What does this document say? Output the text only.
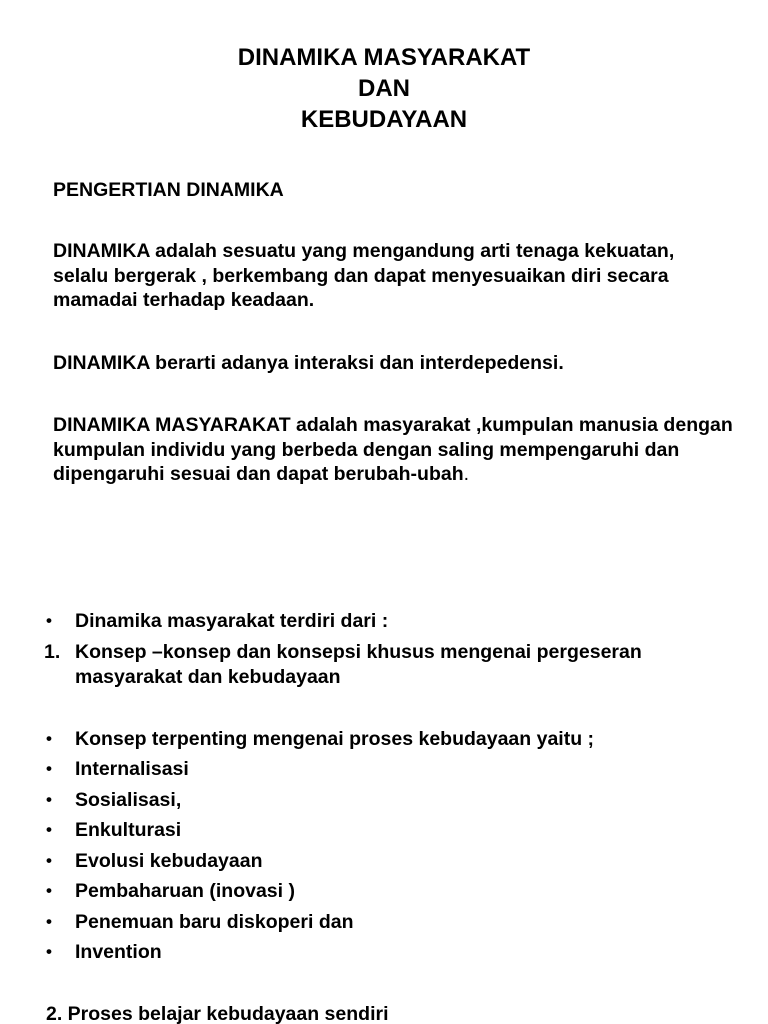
DINAMIKA MASYARAKAT
DAN
KEBUDAYAAN

PENGERTIAN DINAMIKA

DINAMIKA adalah sesuatu yang mengandung arti tenaga kekuatan, selalu bergerak , berkembang dan dapat menyesuaikan diri secara mamadai terhadap keadaan.

DINAMIKA berarti adanya interaksi dan interdepedensi.

DINAMIKA MASYARAKAT adalah masyarakat ,kumpulan manusia dengan kumpulan individu yang berbeda dengan saling mempengaruhi dan dipengaruhi sesuai dan dapat berubah-ubah.

•	Dinamika masyarakat terdiri dari :
1. Konsep –konsep dan konsepsi khusus mengenai pergeseran masyarakat dan kebudayaan
•	Konsep terpenting mengenai proses kebudayaan yaitu ;
•	Internalisasi
•	Sosialisasi,
•	Enkulturasi
•	Evolusi kebudayaan
•	Pembaharuan (inovasi )
•	Penemuan baru diskoperi dan
•	Invention
2. Proses belajar kebudayaan sendiri
